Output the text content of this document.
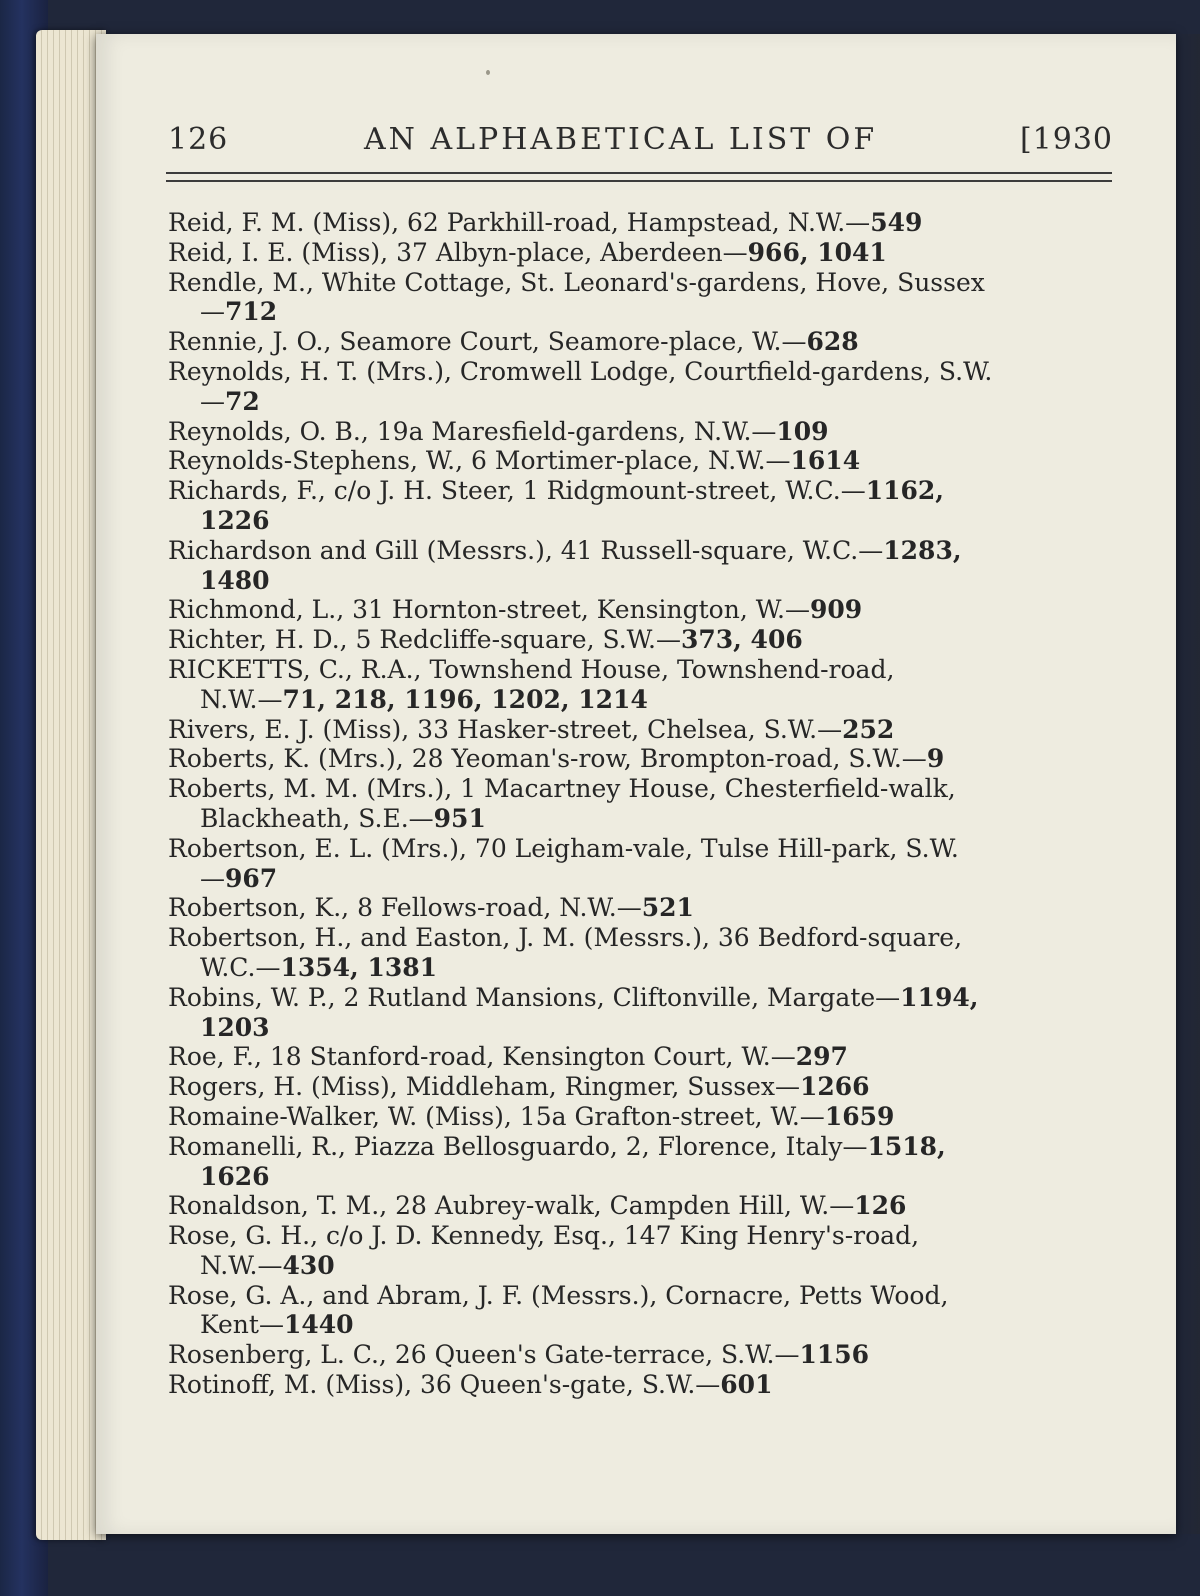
126	AN ALPHABETICAL LIST OF	[1930

Reid, F. M. (Miss), 62 Parkhill-road, Hampstead, N.W.—549

Reid, I. E. (Miss), 37 Albyn-place, Aberdeen—966, 1041

Rendle, M., White Cottage, St. Leonard's-gardens, Hove, Sussex
—712

Rennie, J. O., Seamore Court, Seamore-place, W.—628

Reynolds, H. T. (Mrs.), Cromwell Lodge, Courtfield-gardens, S.W.
—72

Reynolds, O. B., 19a Maresfield-gardens, N.W.—109

Reynolds-Stephens, W., 6 Mortimer-place, N.W.—1614

Richards, F., c/o J. H. Steer, 1 Ridgmount-street, W.C.—1162,
1226

Richardson and Gill (Messrs.), 41 Russell-square, W.C.—1283,
1480

Richmond, L., 31 Hornton-street, Kensington, W.—909

Richter, H. D., 5 Redcliffe-square, S.W.—373, 406

RICKETTS, C., R.A., Townshend House, Townshend-road,
N.W.—71, 218, 1196, 1202, 1214

Rivers, E. J. (Miss), 33 Hasker-street, Chelsea, S.W.—252

Roberts, K. (Mrs.), 28 Yeoman's-row, Brompton-road, S.W.—9

Roberts, M. M. (Mrs.), 1 Macartney House, Chesterfield-walk,
Blackheath, S.E.—951

Robertson, E. L. (Mrs.), 70 Leigham-vale, Tulse Hill-park, S.W.
—967

Robertson, K., 8 Fellows-road, N.W.—521

Robertson, H., and Easton, J. M. (Messrs.), 36 Bedford-square,
W.C.—1354, 1381

Robins, W. P., 2 Rutland Mansions, Cliftonville, Margate—1194,
1203

Roe, F., 18 Stanford-road, Kensington Court, W.—297

Rogers, H. (Miss), Middleham, Ringmer, Sussex—1266

Romaine-Walker, W. (Miss), 15a Grafton-street, W.—1659

Romanelli, R., Piazza Bellosguardo, 2, Florence, Italy—1518,
1626

Ronaldson, T. M., 28 Aubrey-walk, Campden Hill, W.—126

Rose, G. H., c/o J. D. Kennedy, Esq., 147 King Henry's-road,
N.W.—430

Rose, G. A., and Abram, J. F. (Messrs.), Cornacre, Petts Wood,
Kent—1440

Rosenberg, L. C., 26 Queen's Gate-terrace, S.W.—1156

Rotinoff, M. (Miss), 36 Queen's-gate, S.W.—601
